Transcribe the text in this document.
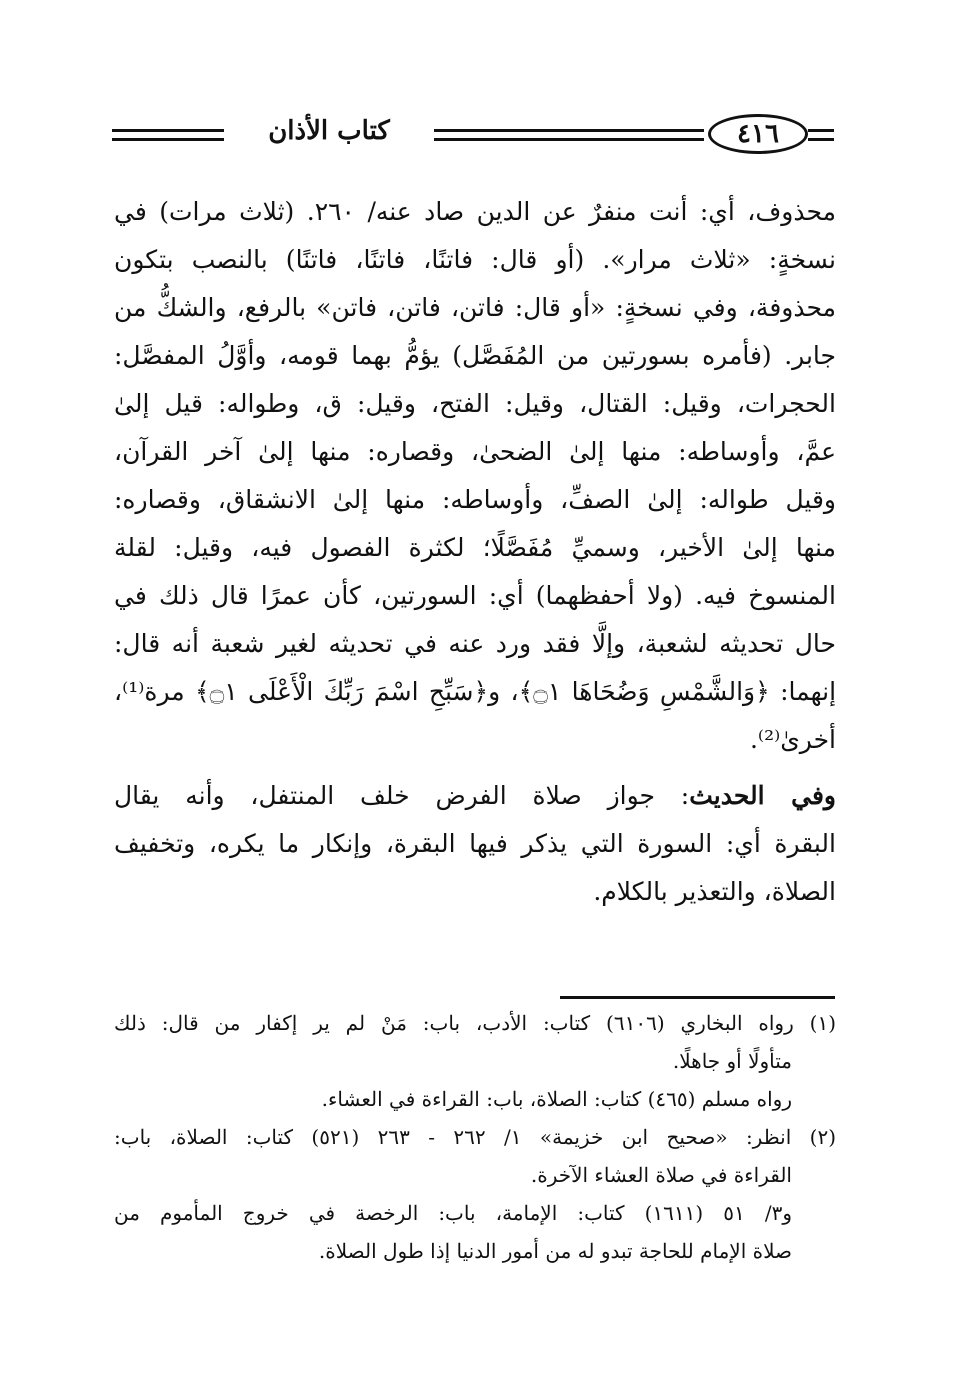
كتاب الأذان	٤١٦
محذوف، أي: أنت منفرٌ عن الدين صاد عنه/ ٢٦٠. (ثلاث مرات) في
نسخةٍ: «ثلاث مرار». (أو قال: فاتنًا، فاتنًا، فاتنًا) بالنصب بتكون
محذوفة، وفي نسخةٍ: «أو قال: فاتن، فاتن، فاتن» بالرفع، والشكُّ من
جابر. (فأمره بسورتين من المُفَصَّل) يؤمُّ بهما قومه، وأوَّلُ المفصَّل:
الحجرات، وقيل: القتال، وقيل: الفتح، وقيل: ق، وطواله: قيل إلىٰ
عمَّ، وأوساطه: منها إلىٰ الضحىٰ، وقصاره: منها إلىٰ آخر القرآن،
وقيل طواله: إلىٰ الصفِّ، وأوساطه: منها إلىٰ الانشقاق، وقصاره:
منها إلىٰ الأخير، وسميِّ مُفَصَّلًا؛ لكثرة الفصول فيه، وقيل: لقلة
المنسوخ فيه. (ولا أحفظهما) أي: السورتين، كأن عمرًا قال ذلك في
حال تحديثه لشعبة، وإلَّا فقد ورد عنه في تحديثه لغير شعبة أنه قال:
إنهما: ﴿وَالشَّمْسِ وَضُحَاهَا ۝١﴾، و﴿سَبِّحِ اسْمَ رَبِّكَ الْأَعْلَى ۝١﴾ مرة⁽¹⁾،
أخرىٰ⁽²⁾.
وفي الحديث: جواز صلاة الفرض خلف المنتفل، وأنه يقال
البقرة أي: السورة التي يذكر فيها البقرة، وإنكار ما يكره، وتخفيف
الصلاة، والتعذير بالكلام.
(١) رواه البخاري (٦١٠٦) كتاب: الأدب، باب: مَنْ لم ير إكفار من قال: ذلك
متأولًا أو جاهلًا.
رواه مسلم (٤٦٥) كتاب: الصلاة، باب: القراءة في العشاء.
(٢) انظر: «صحيح ابن خزيمة» ١/ ٢٦٢ - ٢٦٣ (٥٢١) كتاب: الصلاة، باب:
القراءة في صلاة العشاء الآخرة.
و٣/ ٥١ (١٦١١) كتاب: الإمامة، باب: الرخصة في خروج المأموم من
صلاة الإمام للحاجة تبدو له من أمور الدنيا إذا طول الصلاة.
